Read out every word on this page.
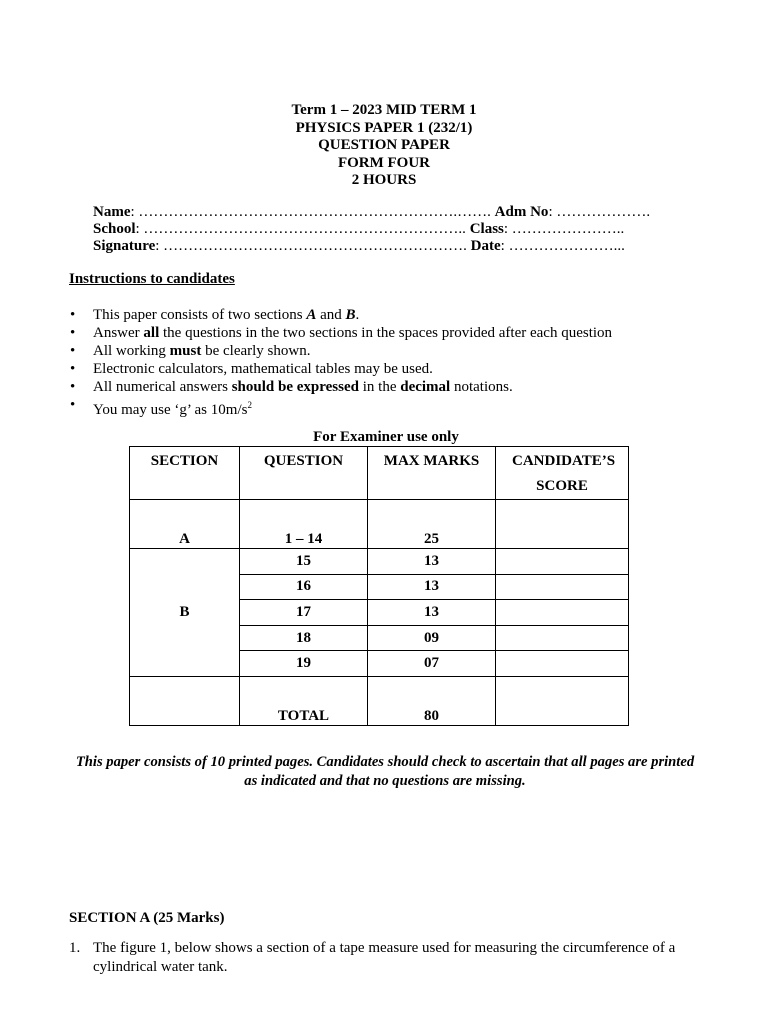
Term 1 – 2023 MID TERM 1
PHYSICS PAPER 1 (232/1)
QUESTION PAPER
FORM FOUR
2 HOURS
Name: ……………………………………………………….……. Adm No: ……………….
School: ……………………………………………………….. Class: …………………..
Signature: ……………………………………………………. Date: …………………...
Instructions to candidates
• This paper consists of two sections A and B.
• Answer all the questions in the two sections in the spaces provided after each question
• All working must be clearly shown.
• Electronic calculators, mathematical tables may be used.
• All numerical answers should be expressed in the decimal notations.
• You may use ‘g’ as $10m/s^2$
For Examiner use only
SECTION	QUESTION	MAX MARKS	CANDIDATE’S SCORE

A	1 – 14	25	
B	15	13	
	16	13	
	17	13	
	18	09	
	19	07	
	TOTAL	80	
This paper consists of 10 printed pages. Candidates should check to ascertain that all pages are printed as indicated and that no questions are missing.
SECTION A (25 Marks)
1. The figure 1, below shows a section of a tape measure used for measuring the circumference of a cylindrical water tank.
